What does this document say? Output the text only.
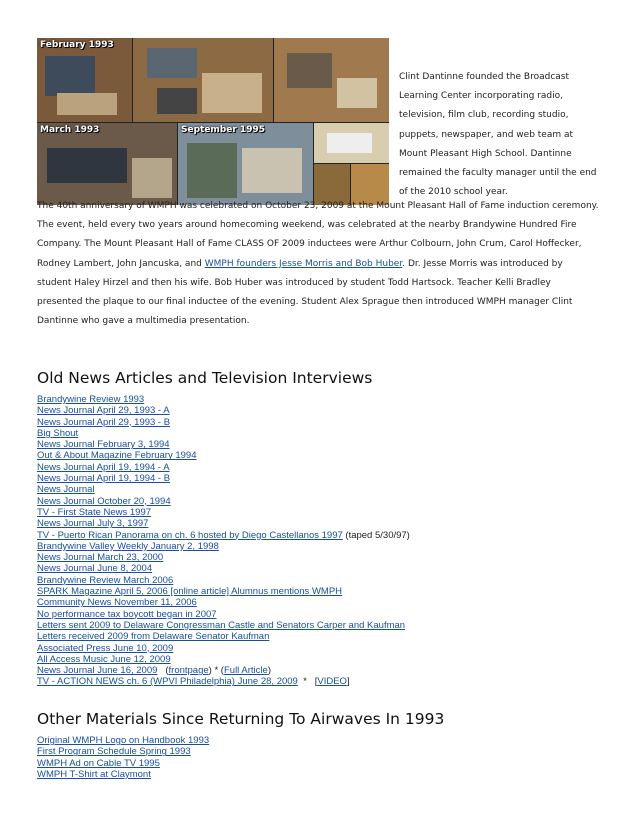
February 1993
March 1993	September 1995
Clint Dantinne founded the Broadcast Learning Center incorporating radio, television, film club, recording studio, puppets, newspaper, and web team at Mount Pleasant High School. Dantinne remained the faculty manager until the end of the 2010 school year.
The 40th anniversary of WMPH was celebrated on October 23, 2009 at the Mount Pleasant Hall of Fame induction ceremony. The event, held every two years around homecoming weekend, was celebrated at the nearby Brandywine Hundred Fire Company. The Mount Pleasant Hall of Fame CLASS OF 2009 inductees were Arthur Colbourn, John Crum, Carol Hoffecker, Rodney Lambert, John Jancuska, and WMPH founders Jesse Morris and Bob Huber. Dr. Jesse Morris was introduced by student Haley Hirzel and then his wife. Bob Huber was introduced by student Todd Hartsock. Teacher Kelli Bradley presented the plaque to our final inductee of the evening. Student Alex Sprague then introduced WMPH manager Clint Dantinne who gave a multimedia presentation.
Old News Articles and Television Interviews
Brandywine Review 1993
News Journal April 29, 1993 - A
News Journal April 29, 1993 - B
Big Shout
News Journal February 3, 1994
Out & About Magazine February 1994
News Journal April 19, 1994 - A
News Journal April 19, 1994 - B
News Journal
News Journal October 20, 1994
TV - First State News 1997
News Journal July 3, 1997
TV - Puerto Rican Panorama on ch. 6 hosted by Diego Castellanos 1997 (taped 5/30/97)
Brandywine Valley Weekly January 2, 1998
News Journal March 23, 2000
News Journal June 8, 2004
Brandywine Review March 2006
SPARK Magazine April 5, 2006 [online article] Alumnus mentions WMPH
Community News November 11, 2006
No performance tax boycott began in 2007
Letters sent 2009 to Delaware Congressman Castle and Senators Carper and Kaufman
Letters received 2009 from Delaware Senator Kaufman
Associated Press June 10, 2009
All Access Music June 12, 2009
News Journal June 16, 2009 (frontpage) * (Full Article)
TV - ACTION NEWS ch. 6 (WPVI Philadelphia) June 28, 2009 * [VIDEO]
Other Materials Since Returning To Airwaves In 1993
Original WMPH Logo on Handbook 1993
First Program Schedule Spring 1993
WMPH Ad on Cable TV 1995
WMPH T-Shirt at Claymont
